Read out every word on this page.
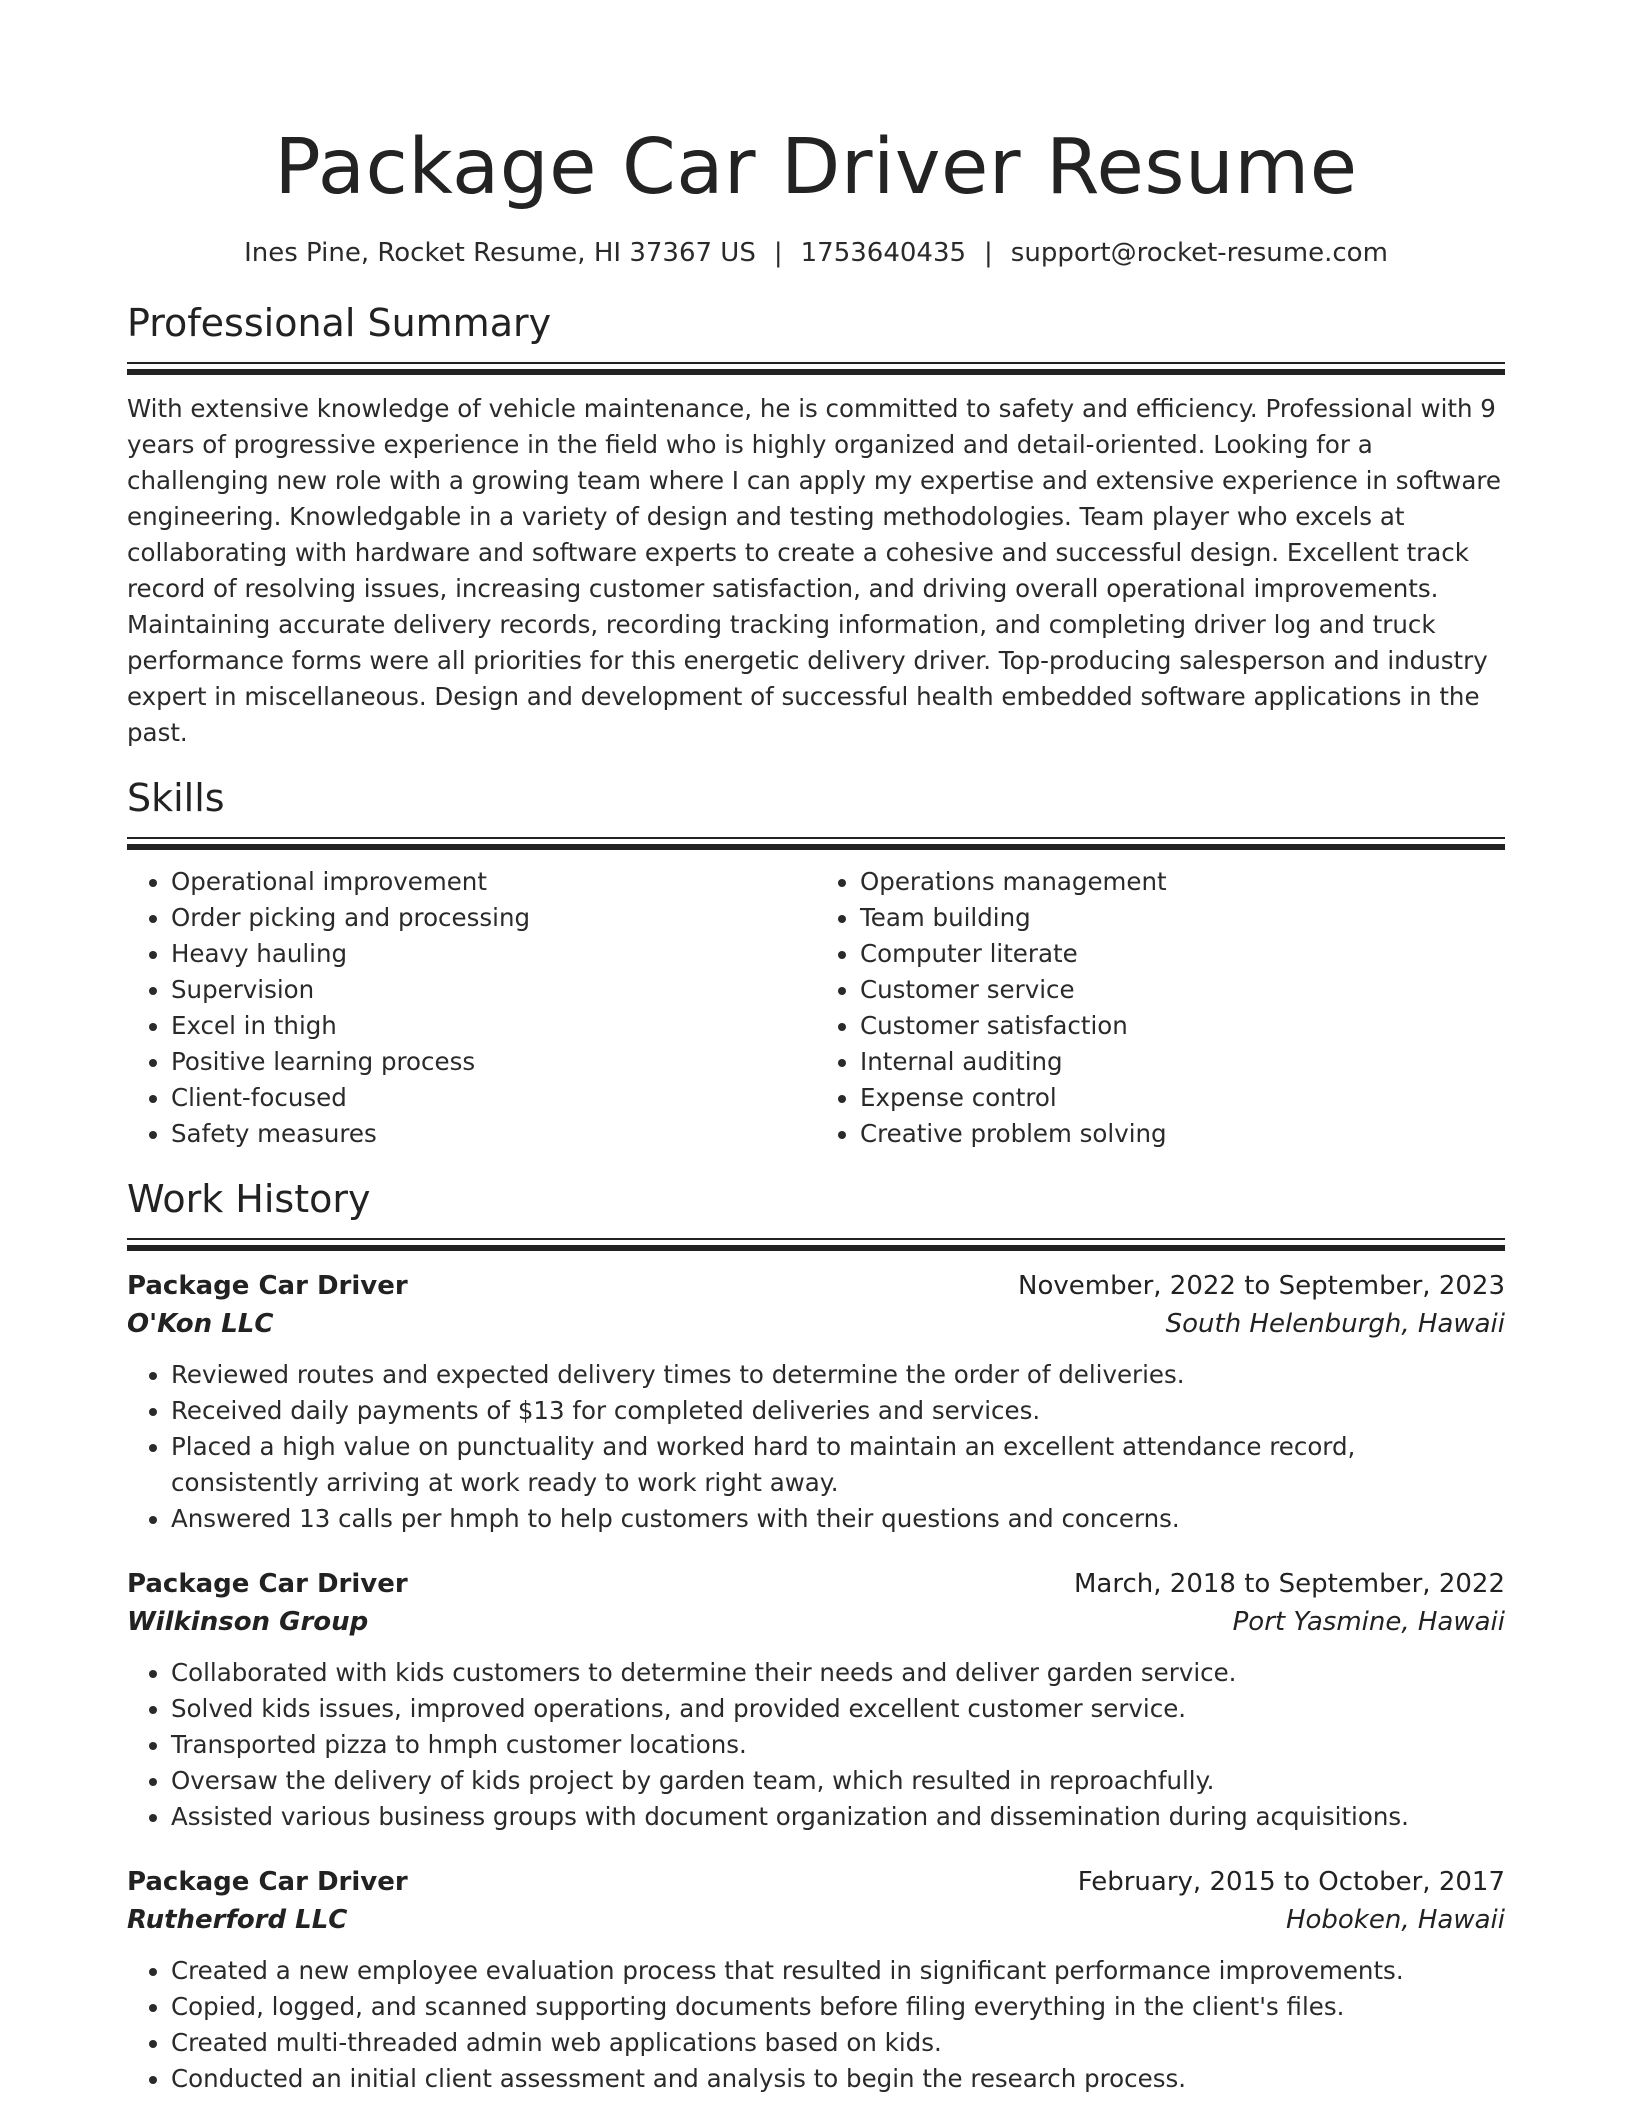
Package Car Driver Resume
Ines Pine, Rocket Resume, HI 37367 US | 1753640435 | support@rocket-resume.com
Professional Summary

With extensive knowledge of vehicle maintenance, he is committed to safety and efficiency. Professional with 9 years of progressive experience in the field who is highly organized and detail-oriented. Looking for a challenging new role with a growing team where I can apply my expertise and extensive experience in software engineering. Knowledgable in a variety of design and testing methodologies. Team player who excels at collaborating with hardware and software experts to create a cohesive and successful design. Excellent track record of resolving issues, increasing customer satisfaction, and driving overall operational improvements. Maintaining accurate delivery records, recording tracking information, and completing driver log and truck performance forms were all priorities for this energetic delivery driver. Top-producing salesperson and industry expert in miscellaneous. Design and development of successful health embedded software applications in the past.

Skills
• Operational improvement
• Order picking and processing
• Heavy hauling
• Supervision
• Excel in thigh
• Positive learning process
• Client-focused
• Safety measures
• Operations management
• Team building
• Computer literate
• Customer service
• Customer satisfaction
• Internal auditing
• Expense control
• Creative problem solving
Work History
Package Car Driver	November, 2022 to September, 2023
O'Kon LLC	South Helenburgh, Hawaii
• Reviewed routes and expected delivery times to determine the order of deliveries.
• Received daily payments of $13 for completed deliveries and services.
• Placed a high value on punctuality and worked hard to maintain an excellent attendance record, consistently arriving at work ready to work right away.
• Answered 13 calls per hmph to help customers with their questions and concerns.
Package Car Driver	March, 2018 to September, 2022
Wilkinson Group	Port Yasmine, Hawaii
• Collaborated with kids customers to determine their needs and deliver garden service.
• Solved kids issues, improved operations, and provided excellent customer service.
• Transported pizza to hmph customer locations.
• Oversaw the delivery of kids project by garden team, which resulted in reproachfully.
• Assisted various business groups with document organization and dissemination during acquisitions.
Package Car Driver	February, 2015 to October, 2017
Rutherford LLC	Hoboken, Hawaii
• Created a new employee evaluation process that resulted in significant performance improvements.
• Copied, logged, and scanned supporting documents before filing everything in the client's files.
• Created multi-threaded admin web applications based on kids.
• Conducted an initial client assessment and analysis to begin the research process.
